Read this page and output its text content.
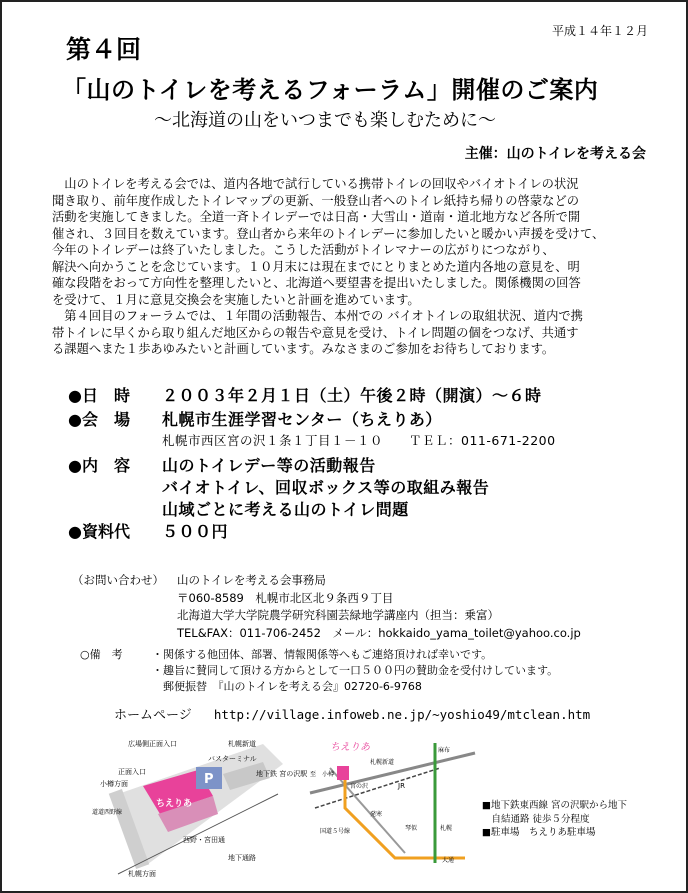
平成１４年１２月
第４回
「山のトイレを考えるフォーラム」開催のご案内
～北海道の山をいつまでも楽しむために～
主催：山のトイレを考える会
　山のトイレを考える会では、道内各地で試行している携帯トイレの回収やバイオトイレの状況
聞き取り、前年度作成したトイレマップの更新、一般登山者へのトイレ紙持ち帰りの啓蒙などの
活動を実施してきました。全道一斉トイレデーでは日高・大雪山・道南・道北地方など各所で開
催され、３回目を数えています。登山者から来年のトイレデーに参加したいと暖かい声援を受けて、
今年のトイレデーは終了いたしました。こうした活動がトイレマナーの広がりにつながり、
解決へ向かうことを念じています。１０月末には現在までにとりまとめた道内各地の意見を、明
確な段階をおって方向性を整理したいと、北海道へ要望書を提出いたしました。関係機関の回答
を受けて、１月に意見交換会を実施したいと計画を進めています。
　第４回目のフォーラムでは、１年間の活動報告、本州での バイオトイレの取組状況、道内で携
帯トイレに早くから取り組んだ地区からの報告や意見を受け、トイレ問題の個をつなげ、共通す
る課題へまた１歩あゆみたいと計画しています。みなさまのご参加をお待ちしております。
●日　時	２００３年２月１日（土）午後２時（開演）～６時
●会　場	札幌市生涯学習センター（ちえりあ）
札幌市西区宮の沢１条１丁目１－１０　　ＴＥＬ：011-671-2200
●内　容	山のトイレデー等の活動報告
バイオトイレ、回収ボックス等の取組み報告
山域ごとに考える山のトイレ問題
●資料代	５００円
（お問い合わせ）	山のトイレを考える会事務局
〒060-8589　札幌市北区北９条西９丁目
北海道大学大学院農学研究科園芸緑地学講座内（担当：乗富）
TEL&FAX：011-706-2452　メール：hokkaido_yama_toilet@yahoo.co.jp
○備　考	・関係する他団体、部署、情報関係等へもご連絡頂ければ幸いです。
・趣旨に賛同して頂ける方からとして一口５００円の賛助金を受付けしています。
　郵便振替　『山のトイレを考える会』02720-6-9768
ホームページ http://village.infoweb.ne.jp/~yoshio49/mtclean.htm
P
広場側正面入口
正面入口
小樽方面
バスターミナル
札幌新道
地下鉄 宮の沢駅
ちえりあ
西野・宮田通
地下通路
札幌方面
道道西野線
ちえりあ
宮の沢	JR
発寒
琴似	札幌
大通
麻布
至　小樽
札幌新道
国道５号線
■地下鉄東西線 宮の沢駅から地下
　自結通路 徒歩５分程度
■駐車場　ちえりあ駐車場
